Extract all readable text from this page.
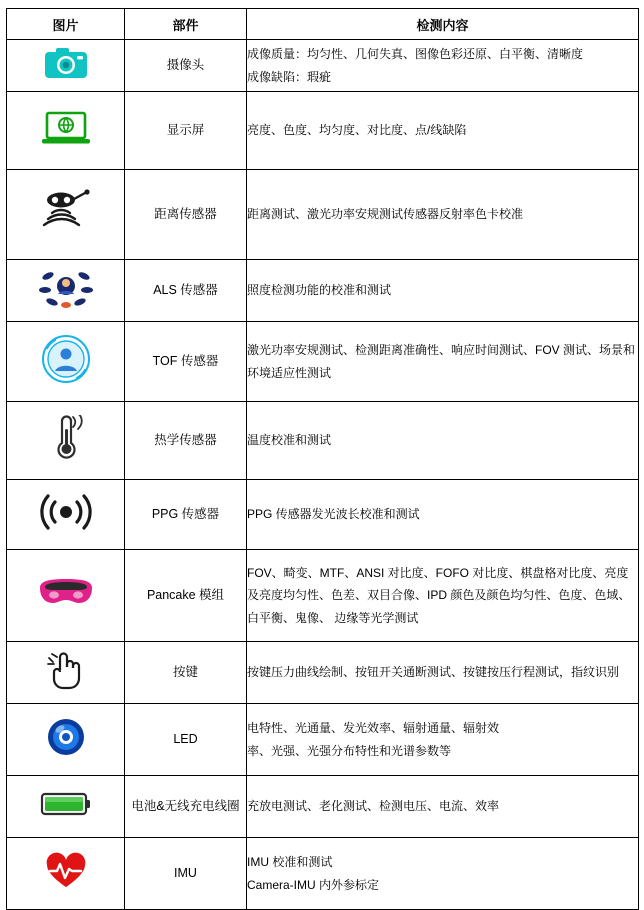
图片	部件	检测内容

	摄像头	成像质量：均匀性、几何失真、图像色彩还原、白平衡、清晰度
成像缺陷：瑕疵

	显示屏	亮度、色度、均匀度、对比度、点/线缺陷

	距离传感器	距离测试、激光功率安规测试传感器反射率色卡校准

	ALS 传感器	照度检测功能的校准和测试

	TOF 传感器	激光功率安规测试、检测距离准确性、响应时间测试、FOV 测试、场景和环境适应性测试

	热学传感器	温度校准和测试

	PPG 传感器	PPG 传感器发光波长校准和测试

	Pancake 模组	FOV、畸变、MTF、ANSI 对比度、FOFO 对比度、棋盘格对比度、亮度及亮度均匀性、色差、双目合像、IPD 颜色及颜色均匀性、色度、色域、白平衡、鬼像、 边缘等光学测试

	按键	按键压力曲线绘制、按钮开关通断测试、按键按压行程测试，指纹识别

	LED	电特性、光通量、发光效率、辐射通量、辐射效
率、光强、光强分布特性和光谱参数等

	电池&无线充电线圈	充放电测试、老化测试、检测电压、电流、效率

	IMU	IMU 校准和测试
Camera-IMU 内外参标定
